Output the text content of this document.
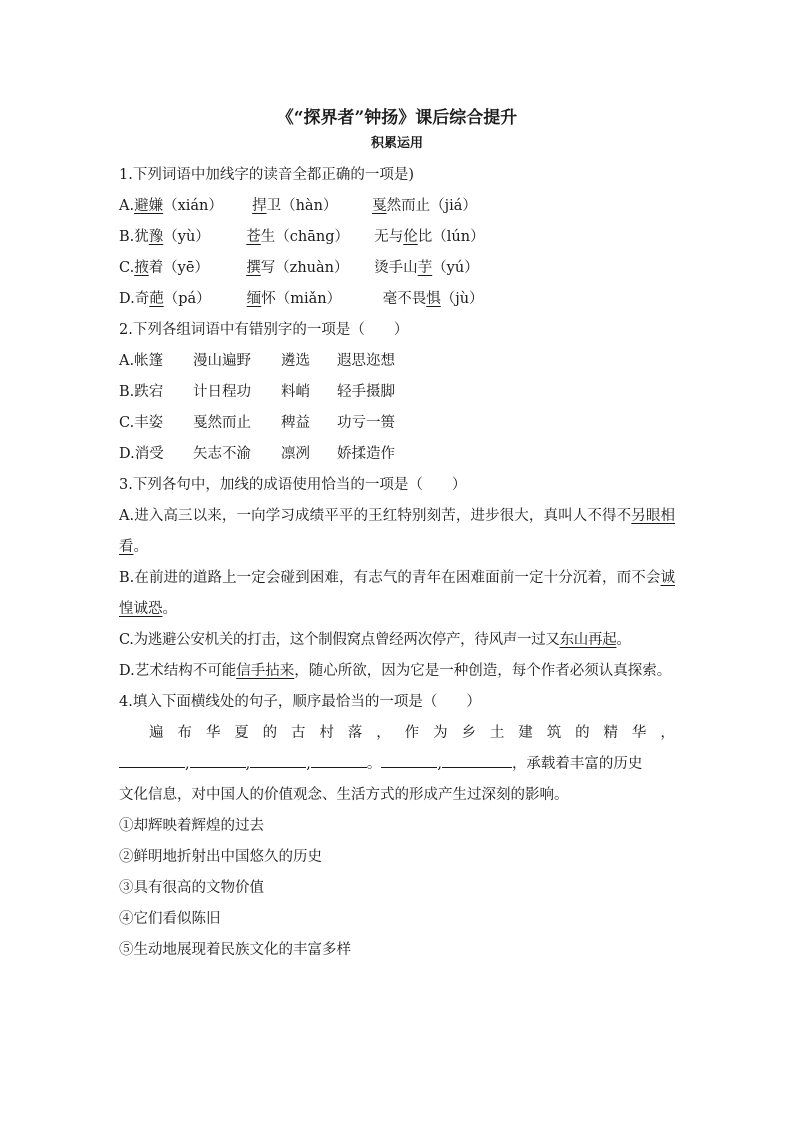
《“探界者”钟扬》课后综合提升
积累运用
1.下列词语中加线字的读音全都正确的一项是)
A.避嫌（xián） 捍卫（hàn） 戛然而止（jiá）
B.犹豫（yù）	苍生（chāng） 无与伦比（lún）
C.掖着（yē）	撰写（zhuàn） 烫手山芋（yú）
D.奇葩（pá） 缅怀（miǎn）	毫不畏惧（jù）
2.下列各组词语中有错别字的一项是（　　）
A.帐篷 漫山遍野 遴选 遐思迩想
B.跌宕 计日程功 料峭 轻手摄脚
C.丰姿 戛然而止 稗益 功亏一篑
D.消受 矢志不渝 凛冽 娇揉造作
3.下列各句中，加线的成语使用恰当的一项是（　　）
A.进入高三以来，一向学习成绩平平的王红特别刻苦，进步很大，真叫人不得不另眼相看。
B.在前进的道路上一定会碰到困难，有志气的青年在困难面前一定十分沉着，而不会诚惶诚恐。
C.为逃避公安机关的打击，这个制假窝点曾经两次停产，待风声一过又东山再起。
D.艺术结构不可能信手拈来，随心所欲，因为它是一种创造，每个作者必须认真探索。
4.填入下面横线处的句子，顺序最恰当的一项是（　　）
遍 布 华 夏 的 古 村 落 ， 作 为 乡 土 建 筑 的 精 华 ，
,	,	,	。	,	，承载着丰富的历史
文化信息，对中国人的价值观念、生活方式的形成产生过深刻的影响。
①却辉映着辉煌的过去
②鲜明地折射出中国悠久的历史
③具有很高的文物价值
④它们看似陈旧
⑤生动地展现着民族文化的丰富多样
